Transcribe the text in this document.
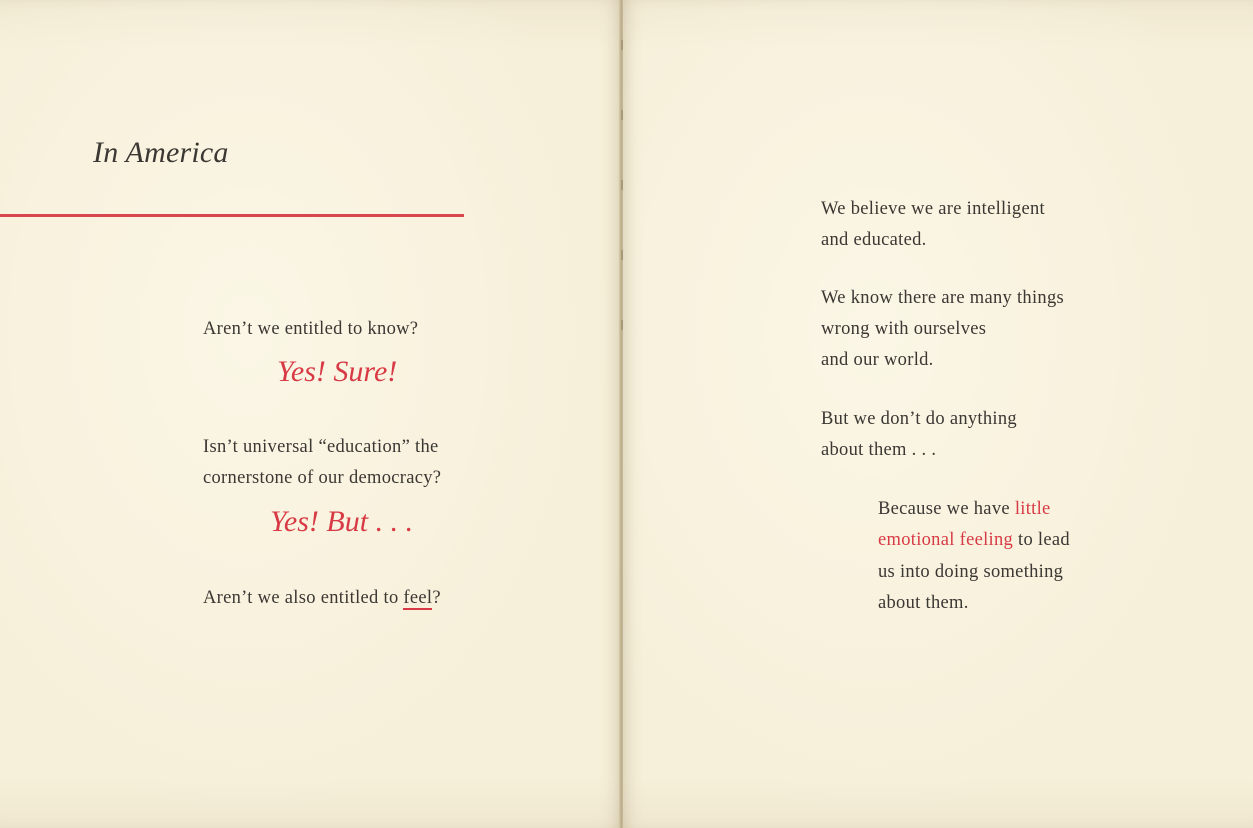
In America
Aren’t we entitled to know?
Yes! Sure!
Isn’t universal “education” the
cornerstone of our democracy?
Yes! But . . .
Aren’t we also entitled to feel?
We believe we are intelligent
and educated.
We know there are many things
wrong with ourselves
and our world.
But we don’t do anything
about them . . .
Because we have little
emotional feeling to lead
us into doing something
about them.
